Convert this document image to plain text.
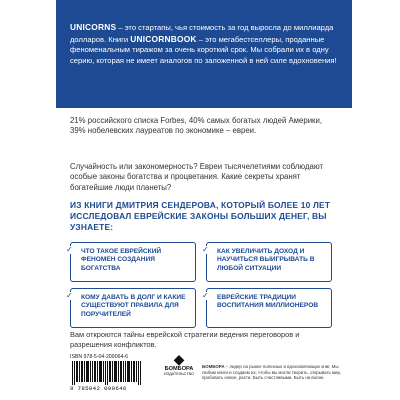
UNICORNS – это стартапы, чья стоимость за год выросла до миллиарда долларов. Книги UNICORNBOOK – это мегабестселлеры, проданные феноменальным тиражом за очень короткий срок. Мы собрали их в одну серию, которая не имеет аналогов по заложенной в ней силе вдохновения!

21% российского списка Forbes, 40% самых богатых людей Америки, 39% нобелевских лауреатов по экономике – евреи.

Случайность или закономерность? Евреи тысячелетиями соблюдают особые законы богатства и процветания. Какие секреты хранят богатейшие люди планеты?

ИЗ КНИГИ ДМИТРИЯ СЕНДЕРОВА, КОТОРЫЙ БОЛЕЕ 10 ЛЕТ ИССЛЕДОВАЛ ЕВРЕЙСКИЕ ЗАКОНЫ БОЛЬШИХ ДЕНЕГ, ВЫ УЗНАЕТЕ:
✓ ЧТО ТАКОЕ ЕВРЕЙСКИЙ ФЕНОМЕН СОЗДАНИЯ БОГАТСТВА
✓ КАК УВЕЛИЧИТЬ ДОХОД И НАУЧИТЬСЯ ВЫИГРЫВАТЬ В ЛЮБОЙ СИТУАЦИИ
✓ КОМУ ДАВАТЬ В ДОЛГ И КАКИЕ СУЩЕСТВУЮТ ПРАВИЛА ДЛЯ ПОРУЧИТЕЛЕЙ
✓ ЕВРЕЙСКИЕ ТРАДИЦИИ ВОСПИТАНИЯ МИЛЛИОНЕРОВ

Вам откроются тайны еврейской стратегии ведения переговоров и разрешения конфликтов.

ISBN 978-5-04-209064-6
9 785042 090646
◆
БОМБОРА
ИЗДАТЕЛЬСТВО

БОМБОРА – лидер на рынке полезных и вдохновляющих книг. Мы любим книги и создаем их, чтобы вы могли творить, открывать мир, пробовать новое, расти. Быть счастливыми. Быть на волне.
